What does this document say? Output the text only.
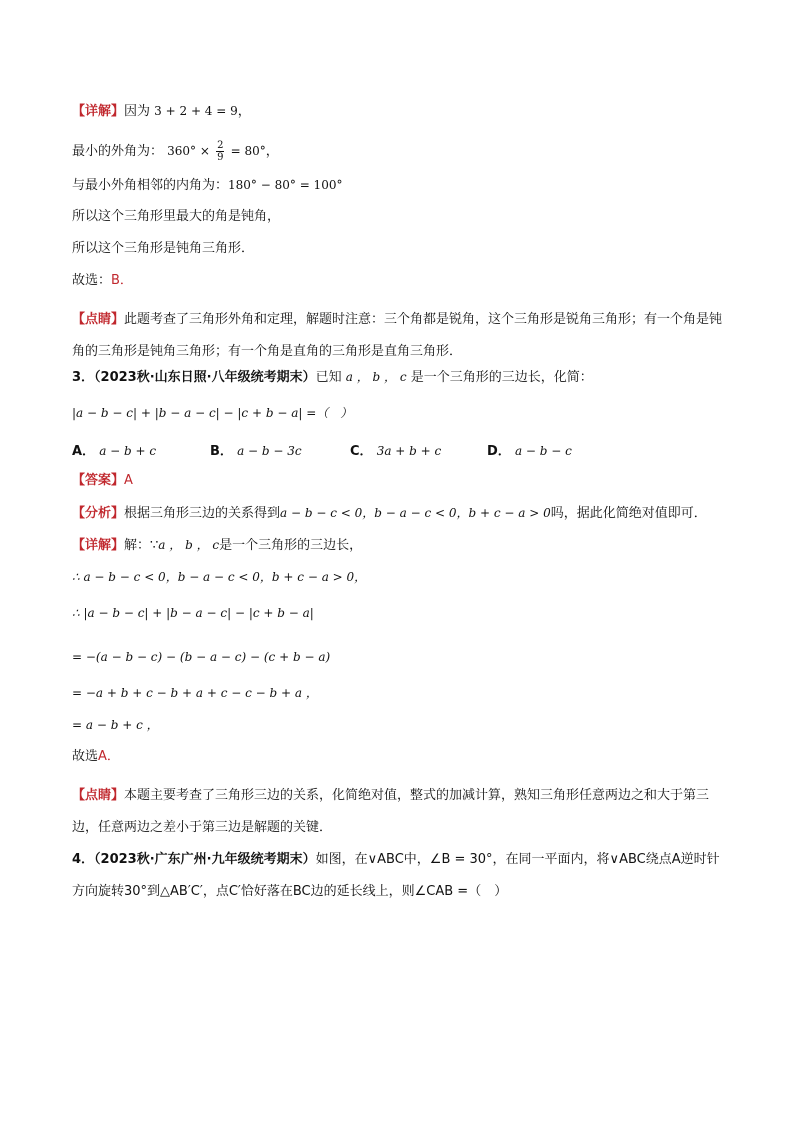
【详解】因为 3 + 2 + 4 = 9，
最小的外角为： $360^\circ \times \frac{2}{9} = 80^\circ$，
与最小外角相邻的内角为：180° − 80° = 100°
所以这个三角形里最大的角是钝角，
所以这个三角形是钝角三角形．
故选：B．
【点睛】此题考查了三角形外角和定理，解题时注意：三个角都是锐角，这个三角形是锐角三角形；有一个角是钝角的三角形是钝角三角形；有一个角是直角的三角形是直角三角形．
3．（2023秋·山东日照·八年级统考期末）已知 a ， b ， c 是一个三角形的三边长，化简：
|a − b − c| + |b − a − c| − |c + b − a| =（　）
A． a − b + c	B． a − b − 3c	C． 3a + b + c	D． a − b − c
【答案】A
【分析】根据三角形三边的关系得到a − b − c < 0，b − a − c < 0，b + c − a > 0吗，据此化简绝对值即可．
【详解】解：∵a ， b ， c是一个三角形的三边长，
∴ a − b − c < 0，b − a − c < 0，b + c − a > 0，
∴ |a − b − c| + |b − a − c| − |c + b − a|
= −(a − b − c) − (b − a − c) − (c + b − a)
= −a + b + c − b + a + c − c − b + a ，
= a − b + c ，
故选A．
【点睛】本题主要考查了三角形三边的关系，化简绝对值，整式的加减计算，熟知三角形任意两边之和大于第三边，任意两边之差小于第三边是解题的关键．
4．（2023秋·广东广州·九年级统考期末）如图，在∨ABC中，∠B = 30°，在同一平面内，将∨ABC绕点A逆时针方向旋转30°到△AB′C′，点C′恰好落在BC边的延长线上，则∠CAB =（　）
